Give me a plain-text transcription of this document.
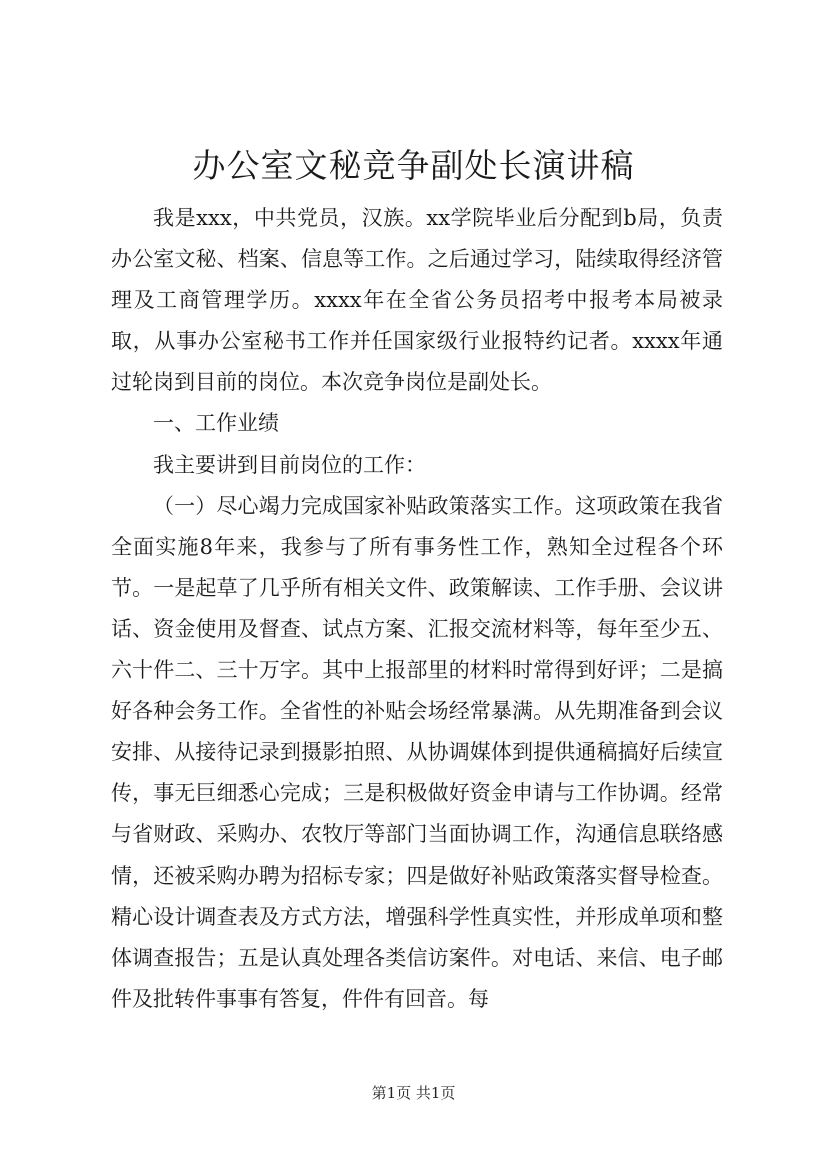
办公室文秘竞争副处长演讲稿

我是xxx，中共党员，汉族。xx学院毕业后分配到b局，负责办公室文秘、档案、信息等工作。之后通过学习，陆续取得经济管理及工商管理学历。xxxx年在全省公务员招考中报考本局被录取，从事办公室秘书工作并任国家级行业报特约记者。xxxx年通过轮岗到目前的岗位。本次竞争岗位是副处长。

一、工作业绩

我主要讲到目前岗位的工作：

（一）尽心竭力完成国家补贴政策落实工作。这项政策在我省全面实施8年来，我参与了所有事务性工作，熟知全过程各个环节。一是起草了几乎所有相关文件、政策解读、工作手册、会议讲话、资金使用及督查、试点方案、汇报交流材料等，每年至少五、六十件二、三十万字。其中上报部里的材料时常得到好评；二是搞好各种会务工作。全省性的补贴会场经常暴满。从先期准备到会议安排、从接待记录到摄影拍照、从协调媒体到提供通稿搞好后续宣传，事无巨细悉心完成；三是积极做好资金申请与工作协调。经常与省财政、采购办、农牧厅等部门当面协调工作，沟通信息联络感情，还被采购办聘为招标专家；四是做好补贴政策落实督导检查。精心设计调查表及方式方法，增强科学性真实性，并形成单项和整体调查报告；五是认真处理各类信访案件。对电话、来信、电子邮件及批转件事事有答复，件件有回音。每

第1页 共1页
